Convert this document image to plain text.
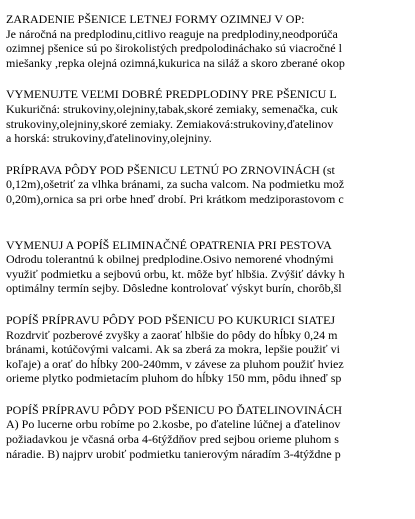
ZARADENIE PŠENICE LETNEJ FORMY OZIMNEJ V OP:
Je náročná na predplodinu,citlivo reaguje na predplodiny,neodporúča
ozimnej pšenice sú po širokolistých predpolodináchako sú viacročné l
miešanky ,repka olejná ozimná,kukurica na siláž a skoro zberané okop
VYMENUJTE VEĽMI DOBRÉ PREDPLODINY PRE PŠENICU L
Kukuričná: strukoviny,olejniny,tabak,skoré zemiaky, semenačka, cuk
strukoviny,olejniny,skoré zemiaky. Zemiaková:strukoviny,ďatelinov
a horská: strukoviny,ďatelinoviny,olejniny.
PRÍPRAVA PÔDY POD PŠENICU LETNÚ PO ZRNOVINÁCH (st
0,12m),ošetriť za vlhka bránami, za sucha valcom. Na podmietku mož
0,20m),ornica sa pri orbe hneď drobí. Pri krátkom medziporastovom c
VYMENUJ A POPÍŠ ELIMINAČNÉ OPATRENIA PRI PESTOVA
Odrodu tolerantnú k obilnej predplodine.Osivo nemorené vhodnými
využiť podmietku a sejbovú orbu, kt. môže byť hlbšia. Zvýšiť dávky h
optimálny termín sejby. Dôsledne kontrolovať výskyt burín, chorôb,šl
POPÍŠ PRÍPRAVU PÔDY POD PŠENICU PO KUKURICI SIATEJ
Rozdrviť pozberové zvyšky a zaorať hlbšie do pôdy do hĺbky 0,24 m
bránami, kotúčovými valcami. Ak sa zberá za mokra, lepšie použiť vi
koľaje) a orať do hĺbky 200-240mm, v závese za pluhom použiť hviez
orieme plytko podmietacím pluhom do hĺbky 150 mm, pôdu ihneď sp
POPÍŠ PRÍPRAVU PÔDY POD PŠENICU PO ĎATELINOVINÁCH
A) Po lucerne orbu robíme po 2.kosbe, po ďateline lúčnej a ďatelinov
požiadavkou je včasná orba 4-6týždňov pred sejbou orieme pluhom s
náradie. B) najprv urobiť podmietku tanierovým náradím 3-4týždne p
